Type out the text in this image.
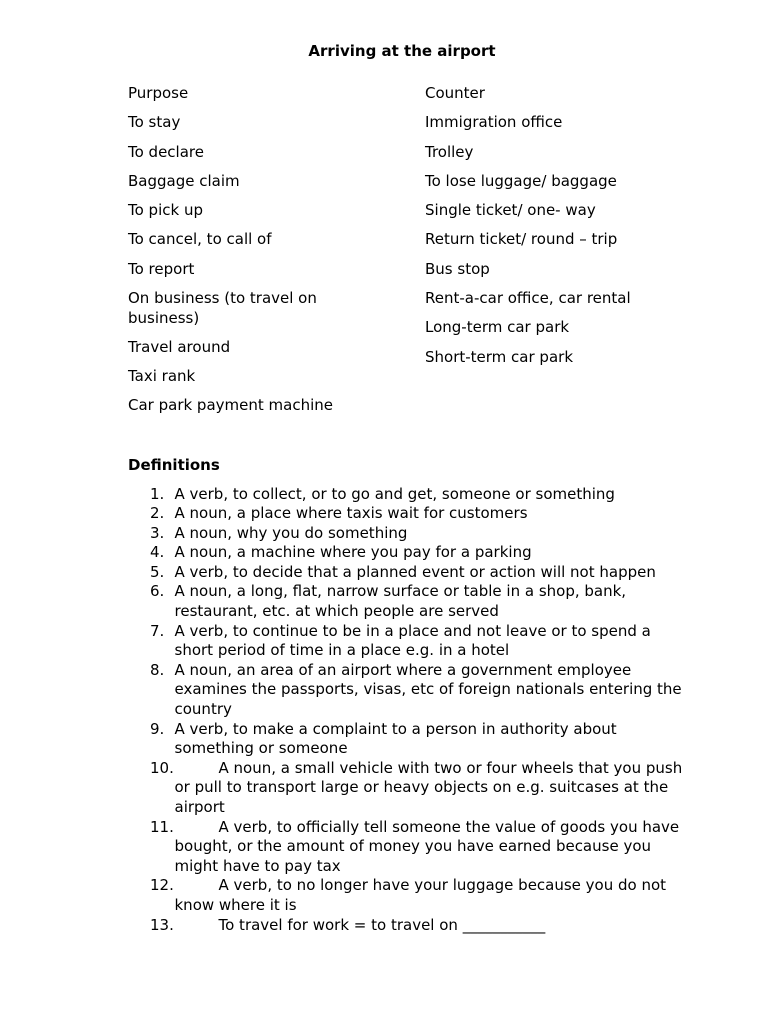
Arriving at the airport
Purpose
To stay
To declare
Baggage claim
To pick up
To cancel, to call of
To report
On business (to travel on business)
Travel around
Taxi rank
Car park payment machine
Counter
Immigration office
Trolley
To lose luggage/ baggage
Single ticket/ one- way
Return ticket/ round – trip
Bus stop
Rent-a-car office, car rental
Long-term car park
Short-term car park
Definitions
1. A verb, to collect, or to go and get, someone or something
2. A noun, a place where taxis wait for customers
3. A noun, why you do something
4. A noun, a machine where you pay for a parking
5. A verb, to decide that a planned event or action will not happen
6. A noun, a long, flat, narrow surface or table in a shop, bank, restaurant, etc. at which people are served
7. A verb, to continue to be in a place and not leave or to spend a short period of time in a place e.g. in a hotel
8. A noun, an area of an airport where a government employee examines the passports, visas, etc of foreign nationals entering the country
9. A verb, to make a complaint to a person in authority about something or someone
10.	A noun, a small vehicle with two or four wheels that you push or pull to transport large or heavy objects on e.g. suitcases at the airport
11.	A verb, to officially tell someone the value of goods you have bought, or the amount of money you have earned because you might have to pay tax
12.	A verb, to no longer have your luggage because you do not know where it is
13.	To travel for work = to travel on ___________
